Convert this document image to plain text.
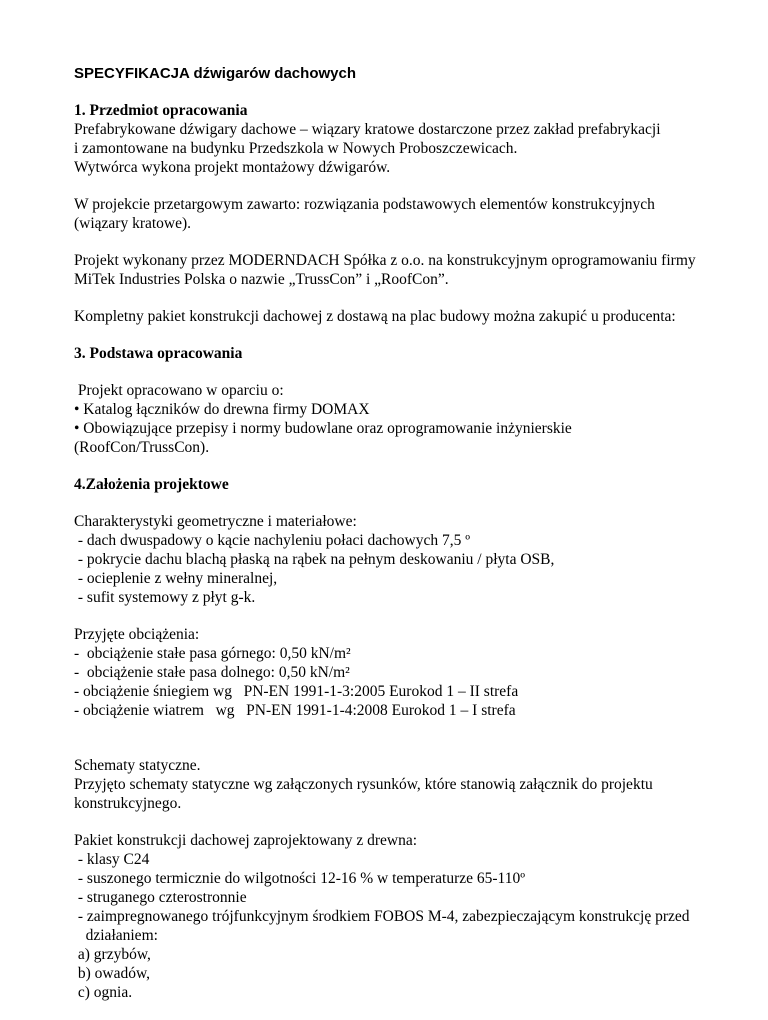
SPECYFIKACJA dźwigarów dachowych
1. Przedmiot opracowania
Prefabrykowane dźwigary dachowe – wiązary kratowe dostarczone przez zakład prefabrykacji
i zamontowane na budynku Przedszkola w Nowych Proboszczewicach.
Wytwórca wykona projekt montażowy dźwigarów.
W projekcie przetargowym zawarto: rozwiązania podstawowych elementów konstrukcyjnych
(wiązary kratowe).
Projekt wykonany przez MODERNDACH Spółka z o.o. na konstrukcyjnym oprogramowaniu firmy
MiTek Industries Polska o nazwie „TrussCon” i „RoofCon”.
Kompletny pakiet konstrukcji dachowej z dostawą na plac budowy można zakupić u producenta:
3. Podstawa opracowania
Projekt opracowano w oparciu o:
• Katalog łączników do drewna firmy DOMAX
• Obowiązujące przepisy i normy budowlane oraz oprogramowanie inżynierskie
(RoofCon/TrussCon).
4.Założenia projektowe
Charakterystyki geometryczne i materiałowe:
- dach dwuspadowy o kącie nachyleniu połaci dachowych 7,5 º
- pokrycie dachu blachą płaską na rąbek na pełnym deskowaniu / płyta OSB,
- ocieplenie z wełny mineralnej,
- sufit systemowy z płyt g-k.
Przyjęte obciążenia:
-  obciążenie stałe pasa górnego: 0,50 kN/m²
-  obciążenie stałe pasa dolnego: 0,50 kN/m²
- obciążenie śniegiem wg   PN-EN 1991-1-3:2005 Eurokod 1 – II strefa
- obciążenie wiatrem   wg   PN-EN 1991-1-4:2008 Eurokod 1 – I strefa
Schematy statyczne.
Przyjęto schematy statyczne wg załączonych rysunków, które stanowią załącznik do projektu
konstrukcyjnego.
Pakiet konstrukcji dachowej zaprojektowany z drewna:
- klasy C24
- suszonego termicznie do wilgotności 12-16 % w temperaturze 65-110º
- struganego czterostronnie
- zaimpregnowanego trójfunkcyjnym środkiem FOBOS M-4, zabezpieczającym konstrukcję przed
działaniem:
a) grzybów,
b) owadów,
c) ognia.
